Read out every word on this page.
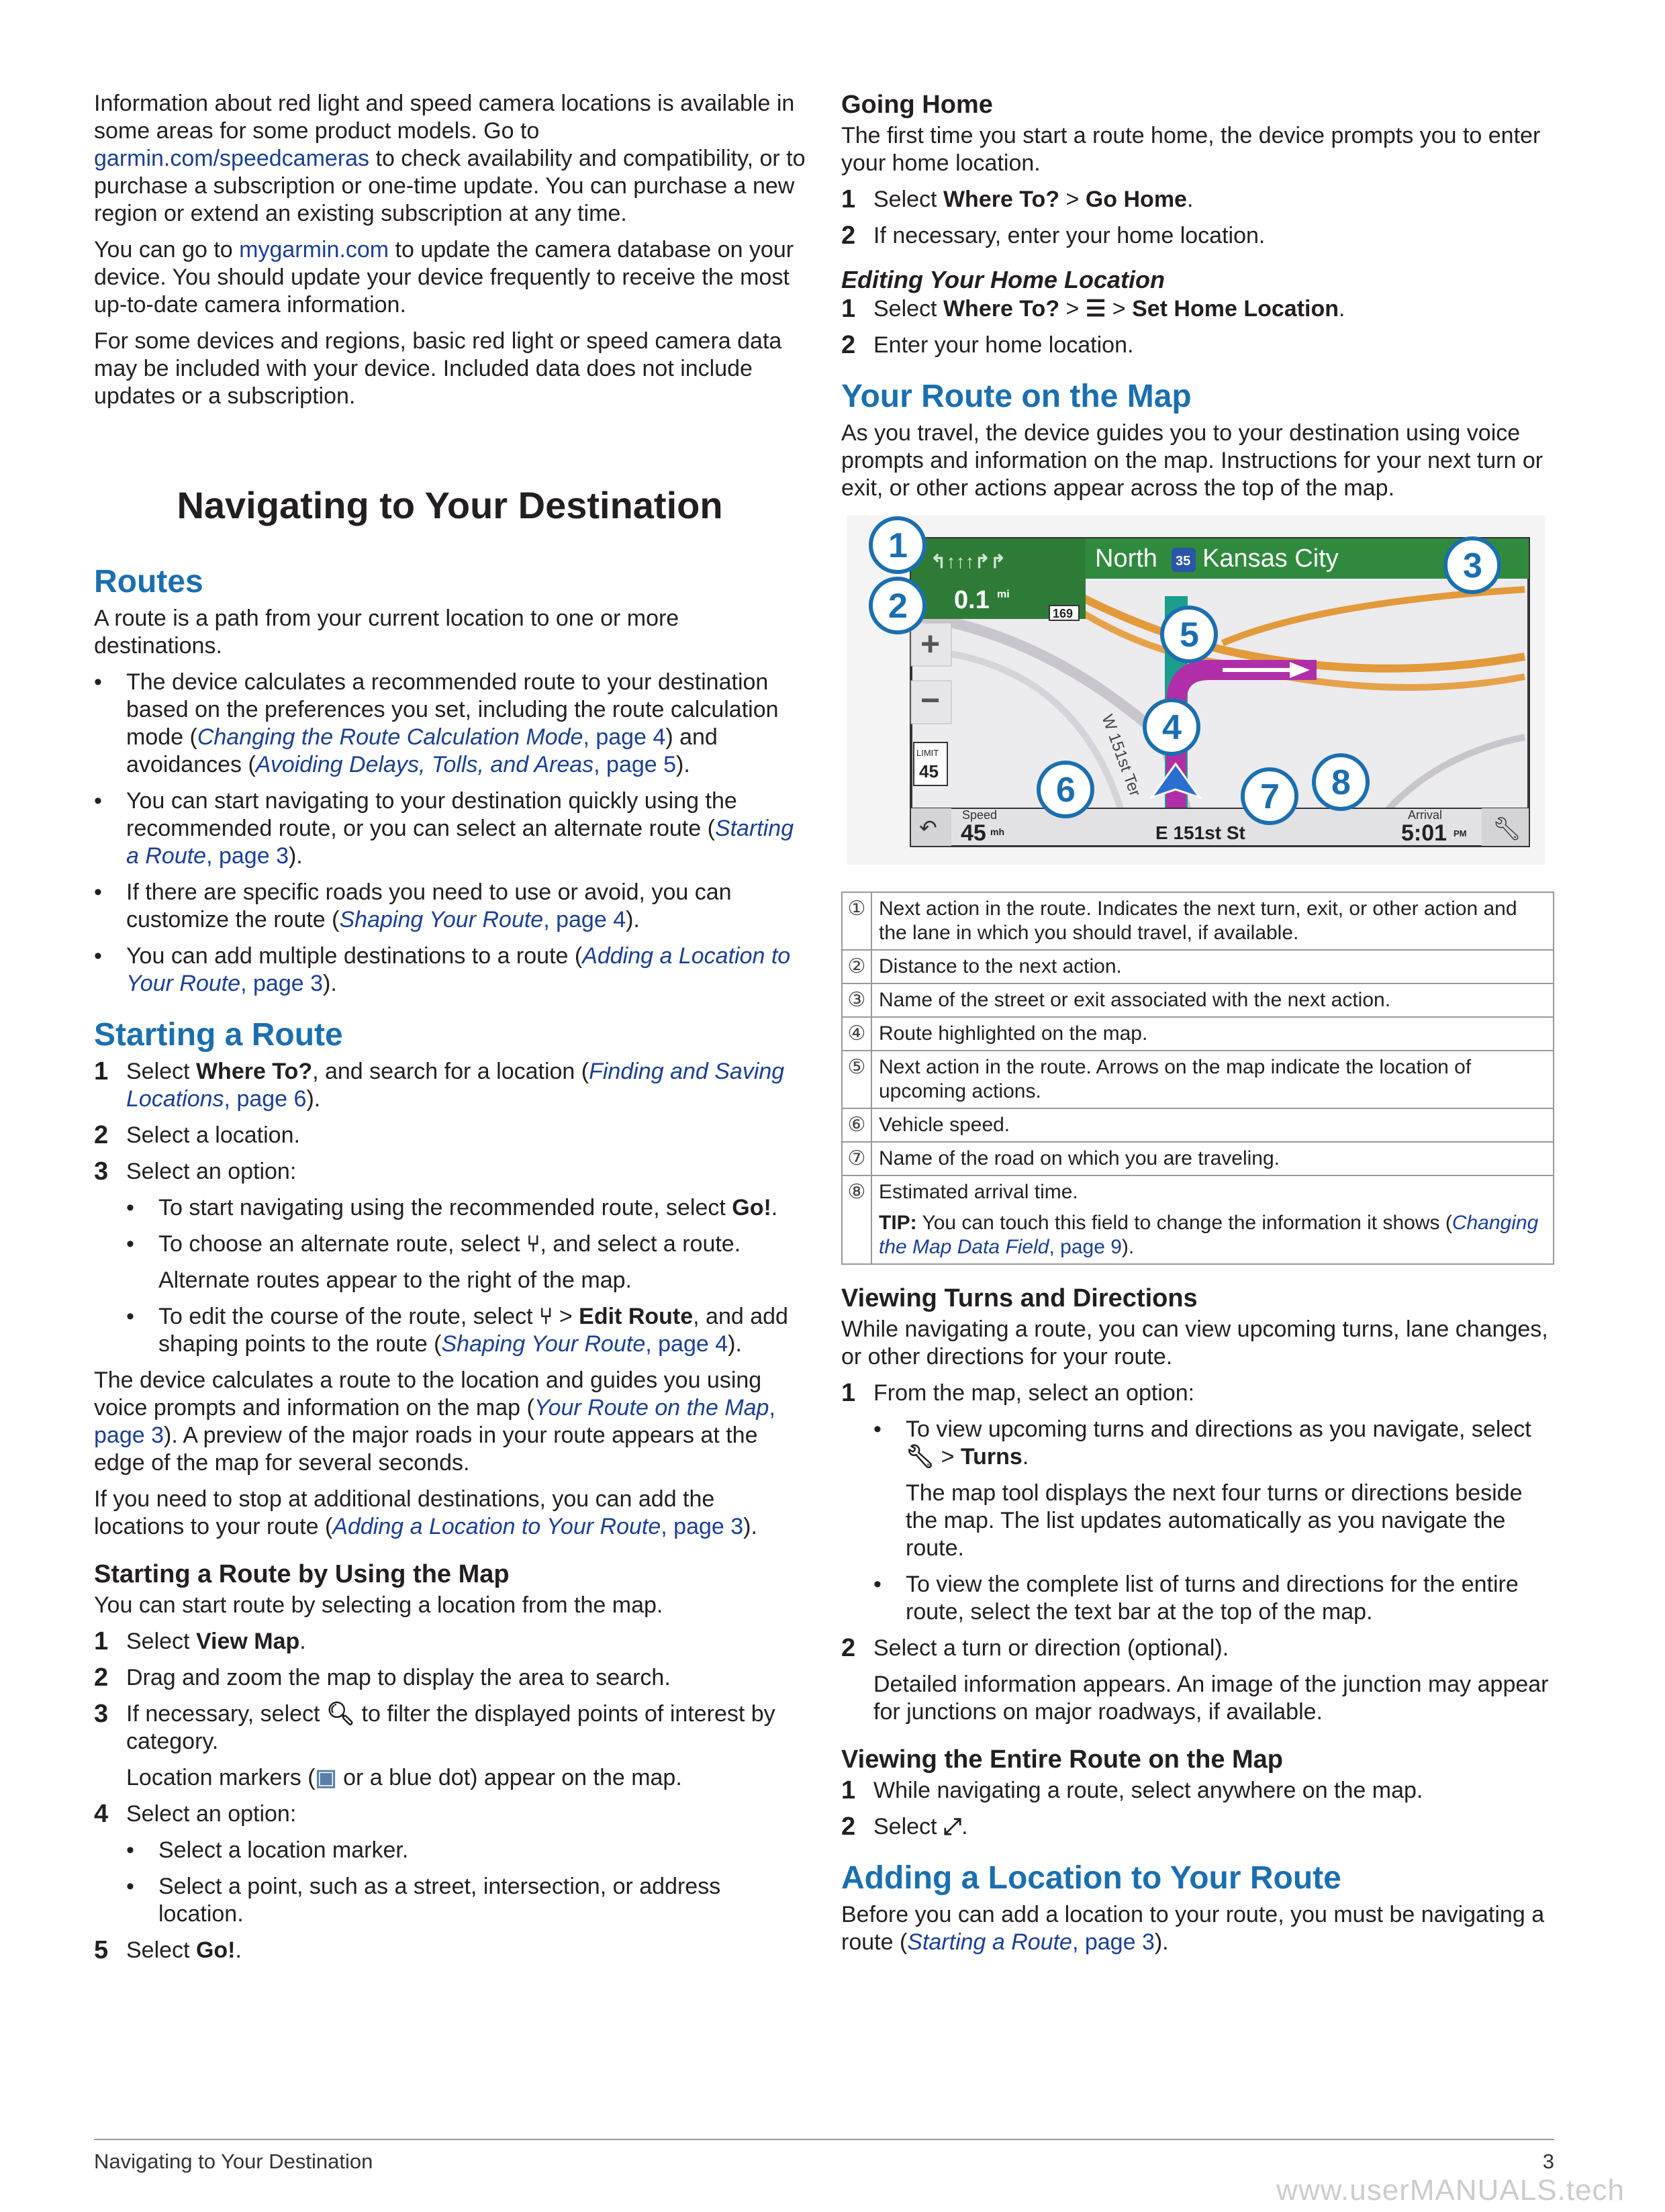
Information about red light and speed camera locations is available in some areas for some product models. Go to garmin.com/speedcameras to check availability and compatibility, or to purchase a subscription or one-time update. You can purchase a new region or extend an existing subscription at any time.

You can go to mygarmin.com to update the camera database on your device. You should update your device frequently to receive the most up-to-date camera information.

For some devices and regions, basic red light or speed camera data may be included with your device. Included data does not include updates or a subscription.

Navigating to Your Destination
Routes

A route is a path from your current location to one or more destinations.

• The device calculates a recommended route to your destination based on the preferences you set, including the route calculation mode (Changing the Route Calculation Mode, page 4) and avoidances (Avoiding Delays, Tolls, and Areas, page 5).
• You can start navigating to your destination quickly using the recommended route, or you can select an alternate route (Starting a Route, page 3).
• If there are specific roads you need to use or avoid, you can customize the route (Shaping Your Route, page 4).
• You can add multiple destinations to a route (Adding a Location to Your Route, page 3).
Starting a Route
1 Select Where To?, and search for a location (Finding and Saving Locations, page 6).
2 Select a location.
3 Select an option:
• To start navigating using the recommended route, select Go!.
• To choose an alternate route, select ⑂, and select a route.
Alternate routes appear to the right of the map.
• To edit the course of the route, select ⑂ > Edit Route, and add shaping points to the route (Shaping Your Route, page 4).

The device calculates a route to the location and guides you using voice prompts and information on the map (Your Route on the Map, page 3). A preview of the major roads in your route appears at the edge of the map for several seconds.

If you need to stop at additional destinations, you can add the locations to your route (Adding a Location to Your Route, page 3).

Starting a Route by Using the Map

You can start route by selecting a location from the map.

1 Select View Map.
2 Drag and zoom the map to display the area to search.
3 If necessary, select 🔍︎ to filter the displayed points of interest by category.
Location markers (▣ or a blue dot) appear on the map.
4 Select an option:
• Select a location marker.
• Select a point, such as a street, intersection, or address location.
5 Select Go!.
Going Home

The first time you start a route home, the device prompts you to enter your home location.

1 Select Where To? > Go Home.
2 If necessary, enter your home location.
Editing Your Home Location
1 Select Where To? > ☰ > Set Home Location.
2 Enter your home location.
Your Route on the Map

As you travel, the device guides you to your destination using voice prompts and information on the map. Instructions for your next turn or exit, or other actions appear across the top of the map.

↰↑↑↑↱↱	North 35 Kansas City
0.1 mi
169
+
−
LIMIT
45	W 151st Ter
↶
Speed
45 mh	E 151st St
Arrival
5:01 PM 🔧︎
1
2
3
4
5
6	7 8
①	Next action in the route. Indicates the next turn, exit, or other action and the lane in which you should travel, if available.

②	Distance to the next action.

③	Name of the street or exit associated with the next action.

④	Route highlighted on the map.

⑤	Next action in the route. Arrows on the map indicate the location of upcoming actions.

⑥	Vehicle speed.

⑦	Name of the road on which you are traveling.

⑧	Estimated arrival time.
TIP: You can touch this field to change the information it shows (Changing the Map Data Field, page 9).
Viewing Turns and Directions

While navigating a route, you can view upcoming turns, lane changes, or other directions for your route.

1 From the map, select an option:
• To view upcoming turns and directions as you navigate, select 🔧︎ > Turns.
The map tool displays the next four turns or directions beside the map. The list updates automatically as you navigate the route.
• To view the complete list of turns and directions for the entire route, select the text bar at the top of the map.
2 Select a turn or direction (optional).
Detailed information appears. An image of the junction may appear for junctions on major roadways, if available.
Viewing the Entire Route on the Map
1 While navigating a route, select anywhere on the map.
2 Select ⤢.
Adding a Location to Your Route

Before you can add a location to your route, you must be navigating a route (Starting a Route, page 3).

Navigating to Your Destination	3
www.userMANUALS.tech
